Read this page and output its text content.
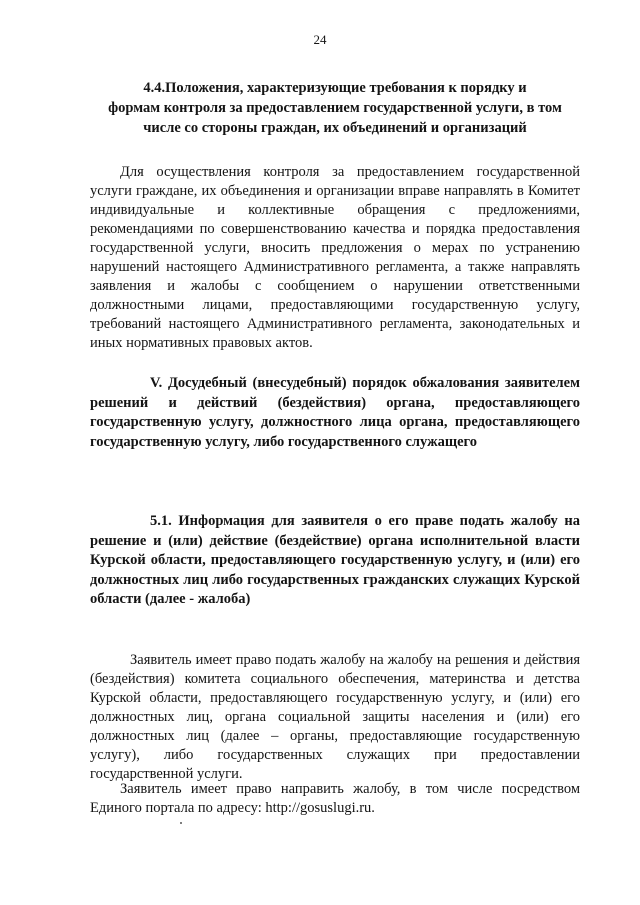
24
4.4.Положения, характеризующие требования к порядку и
формам контроля за предоставлением государственной услуги, в том
числе со стороны граждан, их объединений и организаций
Для осуществления контроля за предоставлением государственной услуги граждане, их объединения и организации вправе направлять в Комитет индивидуальные и коллективные обращения с предложениями, рекомендациями по совершенствованию качества и порядка предоставления государственной услуги, вносить предложения о мерах по устранению нарушений настоящего Административного регламента, а также направлять заявления и жалобы с сообщением о нарушении ответственными должностными лицами, предоставляющими государственную услугу, требований настоящего Административного регламента, законодательных и иных нормативных правовых актов.
V. Досудебный (внесудебный) порядок обжалования заявителем решений и действий (бездействия) органа, предоставляющего государственную услугу, должностного лица органа, предоставляющего государственную услугу, либо государственного служащего
5.1. Информация для заявителя о его праве подать жалобу на решение и (или) действие (бездействие) органа исполнительной власти Курской области, предоставляющего государственную услугу, и (или) его должностных лиц либо государственных гражданских служащих Курской области (далее - жалоба)
Заявитель имеет право подать жалобу на жалобу на решения и действия (бездействия) комитета социального обеспечения, материнства и детства Курской области, предоставляющего государственную услугу, и (или) его должностных лиц, органа социальной защиты населения и (или) его должностных лиц (далее – органы, предоставляющие государственную услугу), либо государственных служащих при предоставлении государственной услуги.
Заявитель имеет право направить жалобу, в том числе посредством Единого портала по адресу: http://gosuslugi.ru.
